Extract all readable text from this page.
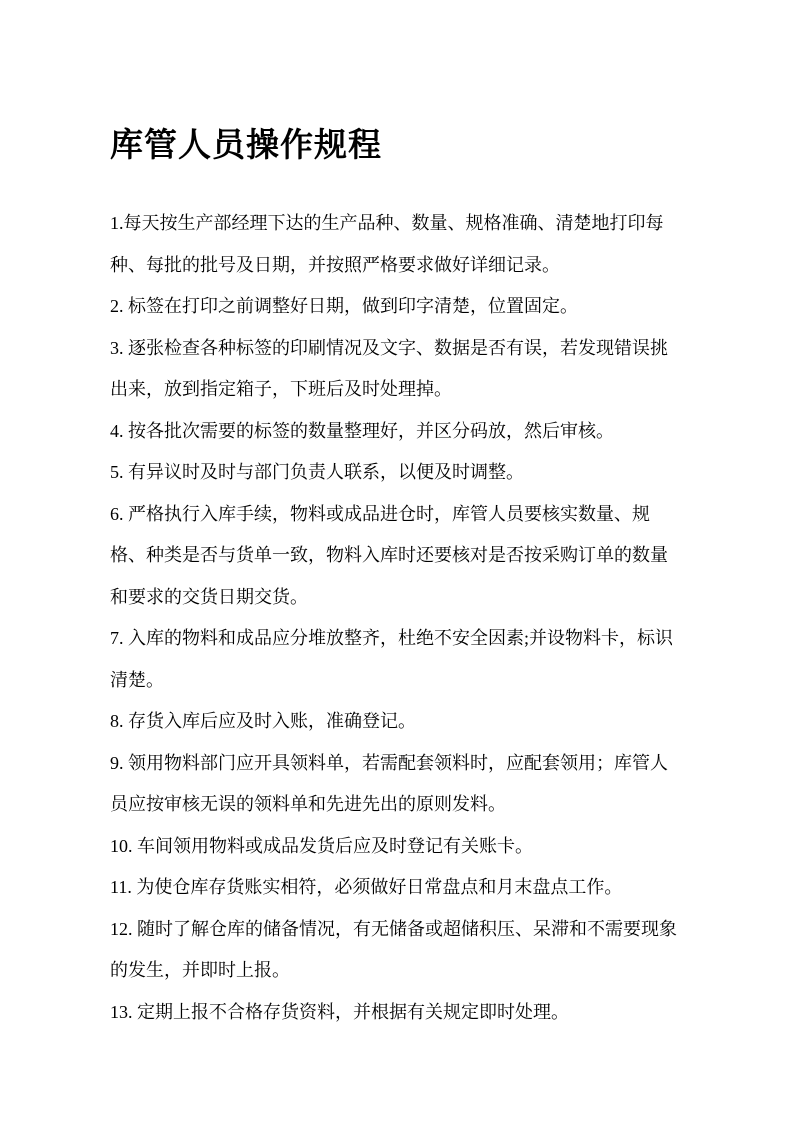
库管人员操作规程

1.每天按生产部经理下达的生产品种、数量、规格准确、清楚地打印每种、每批的批号及日期，并按照严格要求做好详细记录。

2. 标签在打印之前调整好日期，做到印字清楚，位置固定。

3. 逐张检查各种标签的印刷情况及文字、数据是否有误，若发现错误挑出来，放到指定箱子，下班后及时处理掉。

4. 按各批次需要的标签的数量整理好，并区分码放，然后审核。

5. 有异议时及时与部门负责人联系，以便及时调整。

6. 严格执行入库手续，物料或成品进仓时，库管人员要核实数量、规格、种类是否与货单一致，物料入库时还要核对是否按采购订单的数量和要求的交货日期交货。

7. 入库的物料和成品应分堆放整齐，杜绝不安全因素;并设物料卡，标识清楚。

8. 存货入库后应及时入账，准确登记。

9. 领用物料部门应开具领料单，若需配套领料时，应配套领用；库管人员应按审核无误的领料单和先进先出的原则发料。

10. 车间领用物料或成品发货后应及时登记有关账卡。

11. 为使仓库存货账实相符，必须做好日常盘点和月末盘点工作。

12. 随时了解仓库的储备情况，有无储备或超储积压、呆滞和不需要现象的发生，并即时上报。

13. 定期上报不合格存货资料，并根据有关规定即时处理。
